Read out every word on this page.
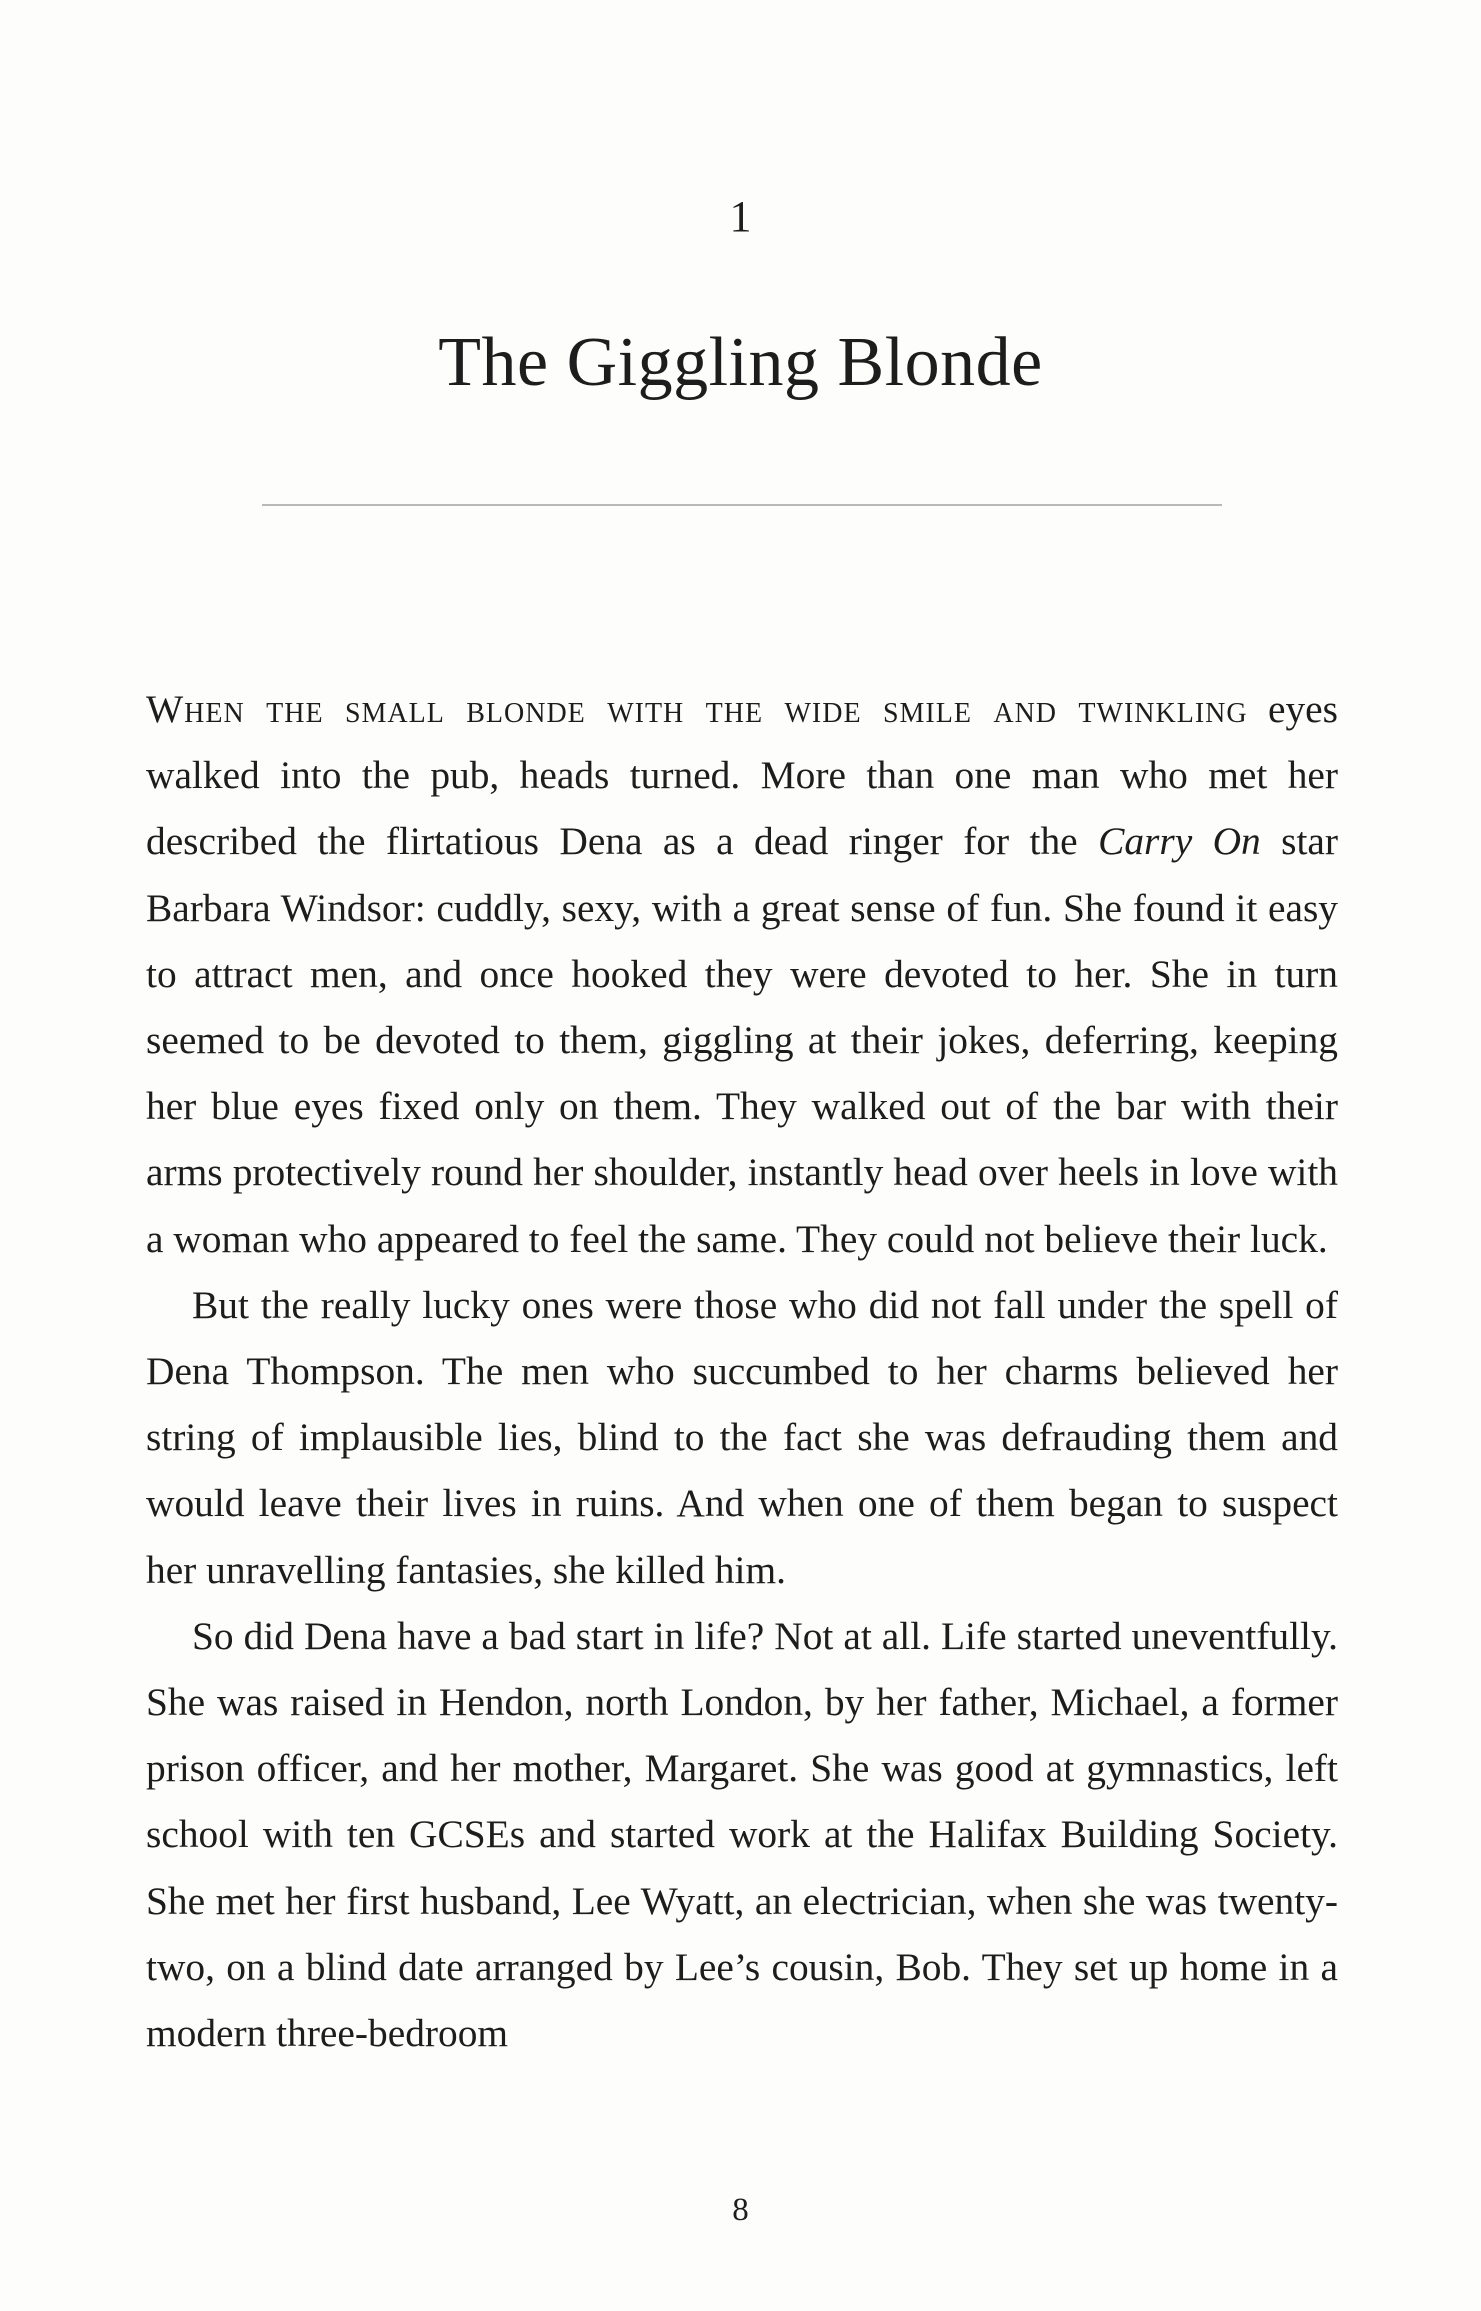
1
The Giggling Blonde

When the small blonde with the wide smile and twinkling eyes walked into the pub, heads turned. More than one man who met her described the flirtatious Dena as a dead ringer for the Carry On star Barbara Windsor: cuddly, sexy, with a great sense of fun. She found it easy to attract men, and once hooked they were devoted to her. She in turn seemed to be devoted to them, giggling at their jokes, deferring, keeping her blue eyes fixed only on them. They walked out of the bar with their arms protectively round her shoulder, instantly head over heels in love with a woman who appeared to feel the same. They could not believe their luck.

But the really lucky ones were those who did not fall under the spell of Dena Thompson. The men who succumbed to her charms believed her string of implausible lies, blind to the fact she was defrauding them and would leave their lives in ruins. And when one of them began to suspect her unravelling fantasies, she killed him.

So did Dena have a bad start in life? Not at all. Life started uneventfully. She was raised in Hendon, north London, by her father, Michael, a former prison officer, and her mother, Margaret. She was good at gymnastics, left school with ten GCSEs and started work at the Halifax Building Society. She met her first husband, Lee Wyatt, an electrician, when she was twenty-two, on a blind date arranged by Lee’s cousin, Bob. They set up home in a modern three-bedroom

8
